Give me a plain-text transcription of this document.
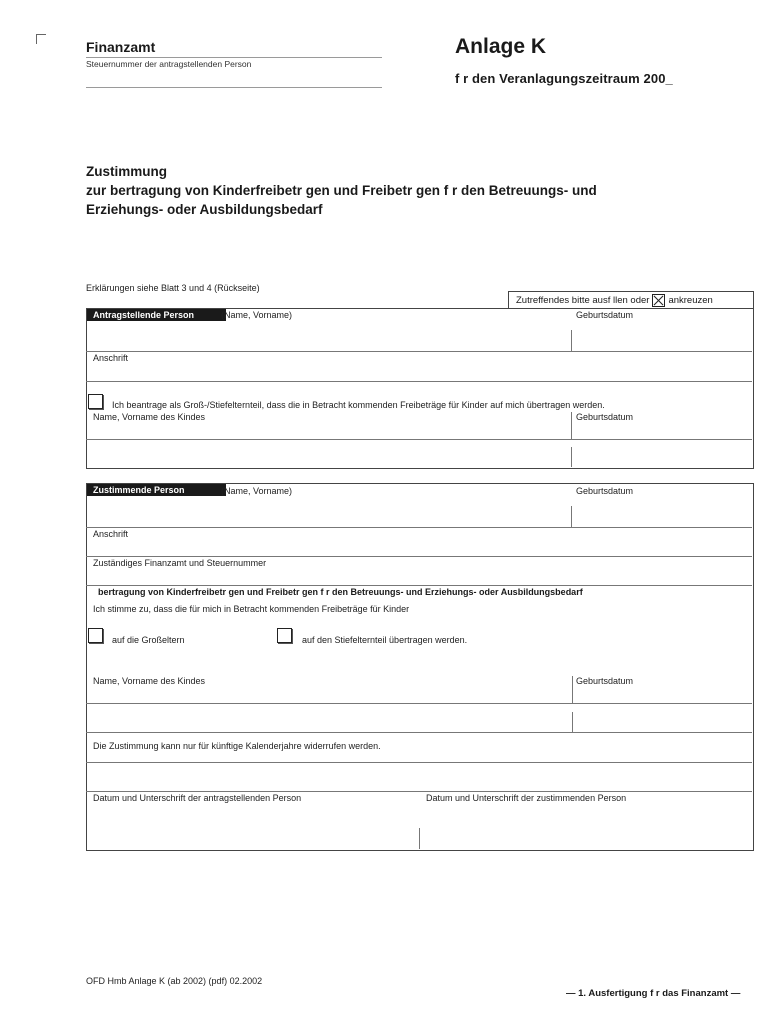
Finanzamt
Steuernummer der antragstellenden Person
Anlage K
f r den Veranlagungszeitraum 200_
Zustimmung
zur bertragung von Kinderfreibetr gen und Freibetr gen f r den Betreuungs- und
Erziehungs- oder Ausbildungsbedarf
Erklärungen siehe Blatt 3 und 4 (Rückseite)
Zutreffendes bitte ausf llen oder ankreuzen
Antragstellende Person	(Name, Vorname)	Geburtsdatum
Anschrift
Ich beantrage als Groß-/Stiefelternteil, dass die in Betracht kommenden Freibeträge für Kinder auf mich übertragen werden.
Name, Vorname des Kindes	Geburtsdatum
Zustimmende Person	(Name, Vorname)	Geburtsdatum
Anschrift
Zuständiges Finanzamt und Steuernummer
bertragung von Kinderfreibetr gen und Freibetr gen f r den Betreuungs- und Erziehungs- oder Ausbildungsbedarf
Ich stimme zu, dass die für mich in Betracht kommenden Freibeträge für Kinder
auf die Großeltern	auf den Stiefelternteil übertragen werden.
Name, Vorname des Kindes	Geburtsdatum
Die Zustimmung kann nur für künftige Kalenderjahre widerrufen werden.
Datum und Unterschrift der antragstellenden Person	Datum und Unterschrift der zustimmenden Person
OFD Hmb Anlage K (ab 2002) (pdf) 02.2002
— 1. Ausfertigung f r das Finanzamt —
